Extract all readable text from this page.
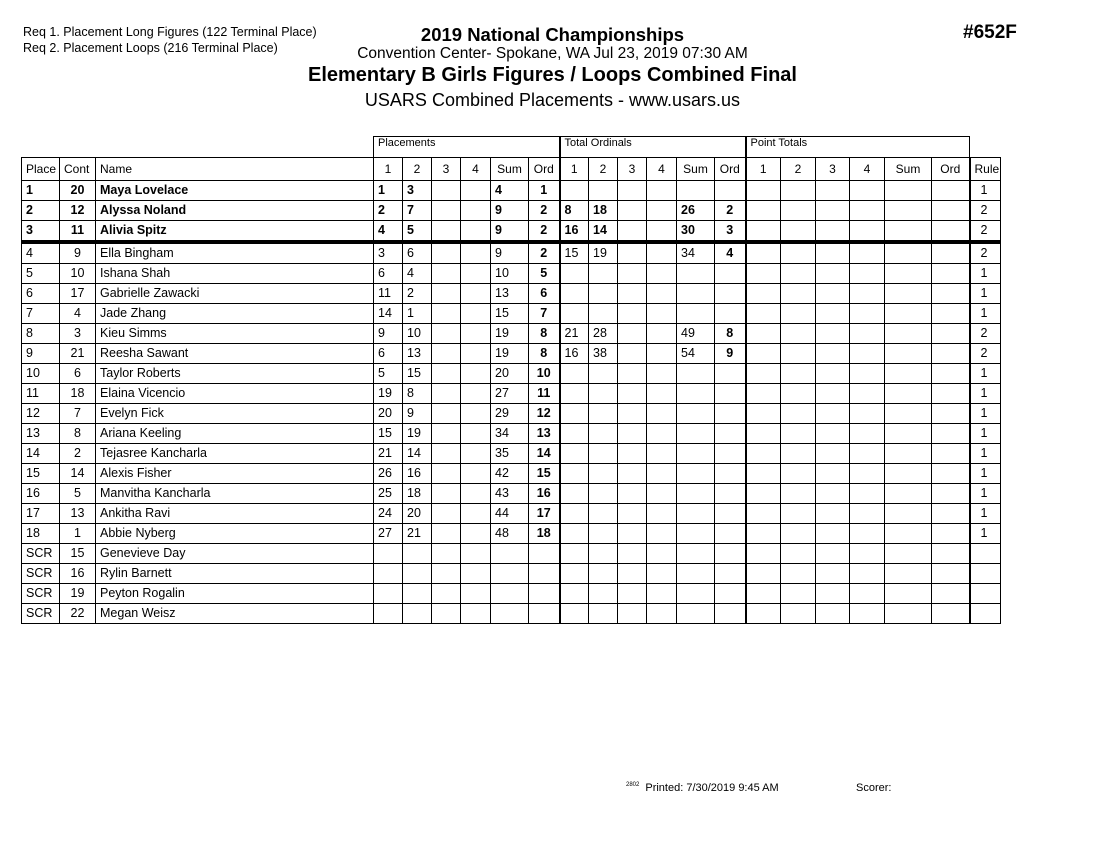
Req 1. Placement Long Figures (122 Terminal Place)
Req 2. Placement Loops (216 Terminal Place)
2019 National Championships
Convention Center- Spokane, WA Jul 23, 2019 07:30 AM
Elementary B Girls Figures / Loops Combined Final
USARS Combined Placements - www.usars.us
#652F
			Placements						Total Ordinals						Point Totals						
Place	Cont	Name	1	2	3	4	Sum	Ord	1	2	3	4	Sum	Ord	1	2	3	4	Sum	Ord	Rule
1	20	Maya Lovelace	1	3			4	1													1
2	12	Alyssa Noland	2	7			9	2	8	18			26	2							2
3	11	Alivia Spitz	4	5			9	2	16	14			30	3							2
4	9	Ella Bingham	3	6			9	2	15	19			34	4							2
5	10	Ishana Shah	6	4			10	5													1
6	17	Gabrielle Zawacki	11	2			13	6													1
7	4	Jade Zhang	14	1			15	7													1
8	3	Kieu Simms	9	10			19	8	21	28			49	8							2
9	21	Reesha Sawant	6	13			19	8	16	38			54	9							2
10	6	Taylor Roberts	5	15			20	10													1
11	18	Elaina Vicencio	19	8			27	11													1
12	7	Evelyn Fick	20	9			29	12													1
13	8	Ariana Keeling	15	19			34	13													1
14	2	Tejasree Kancharla	21	14			35	14													1
15	14	Alexis Fisher	26	16			42	15													1
16	5	Manvitha Kancharla	25	18			43	16													1
17	13	Ankitha Ravi	24	20			44	17													1
18	1	Abbie Nyberg	27	21			48	18													1
SCR	15	Genevieve Day																			
SCR	16	Rylin Barnett																			
SCR	19	Peyton Rogalin																			
SCR	22	Megan Weisz																			
$^{2802}$ Printed: 7/30/2019 9:45 AM	Scorer:
